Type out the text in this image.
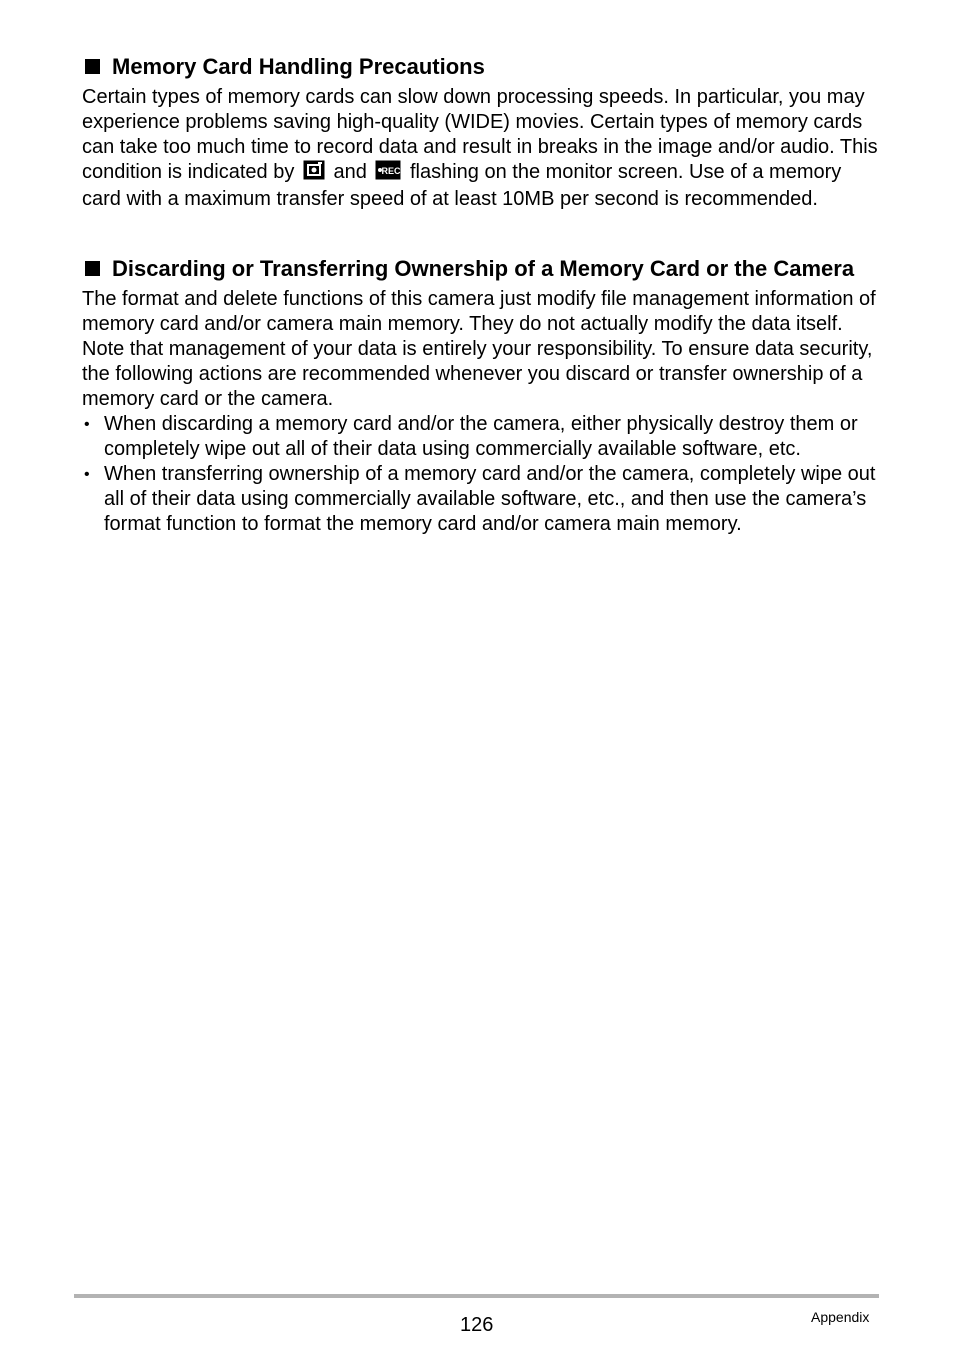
Memory Card Handling Precautions

Certain types of memory cards can slow down processing speeds. In particular, you may experience problems saving high-quality (WIDE) movies. Certain types of memory cards can take too much time to record data and result in breaks in the image and/or audio. This condition is indicated by  and REC flashing on the monitor screen. Use of a memory card with a maximum transfer speed of at least 10MB per second is recommended.

Discarding or Transferring Ownership of a Memory Card or the Camera

The format and delete functions of this camera just modify file management information of memory card and/or camera main memory. They do not actually modify the data itself. Note that management of your data is entirely your responsibility. To ensure data security, the following actions are recommended whenever you discard or transfer ownership of a memory card or the camera.

• When discarding a memory card and/or the camera, either physically destroy them or completely wipe out all of their data using commercially available software, etc.
• When transferring ownership of a memory card and/or the camera, completely wipe out all of their data using commercially available software, etc., and then use the camera’s format function to format the memory card and/or camera main memory.
126	Appendix
